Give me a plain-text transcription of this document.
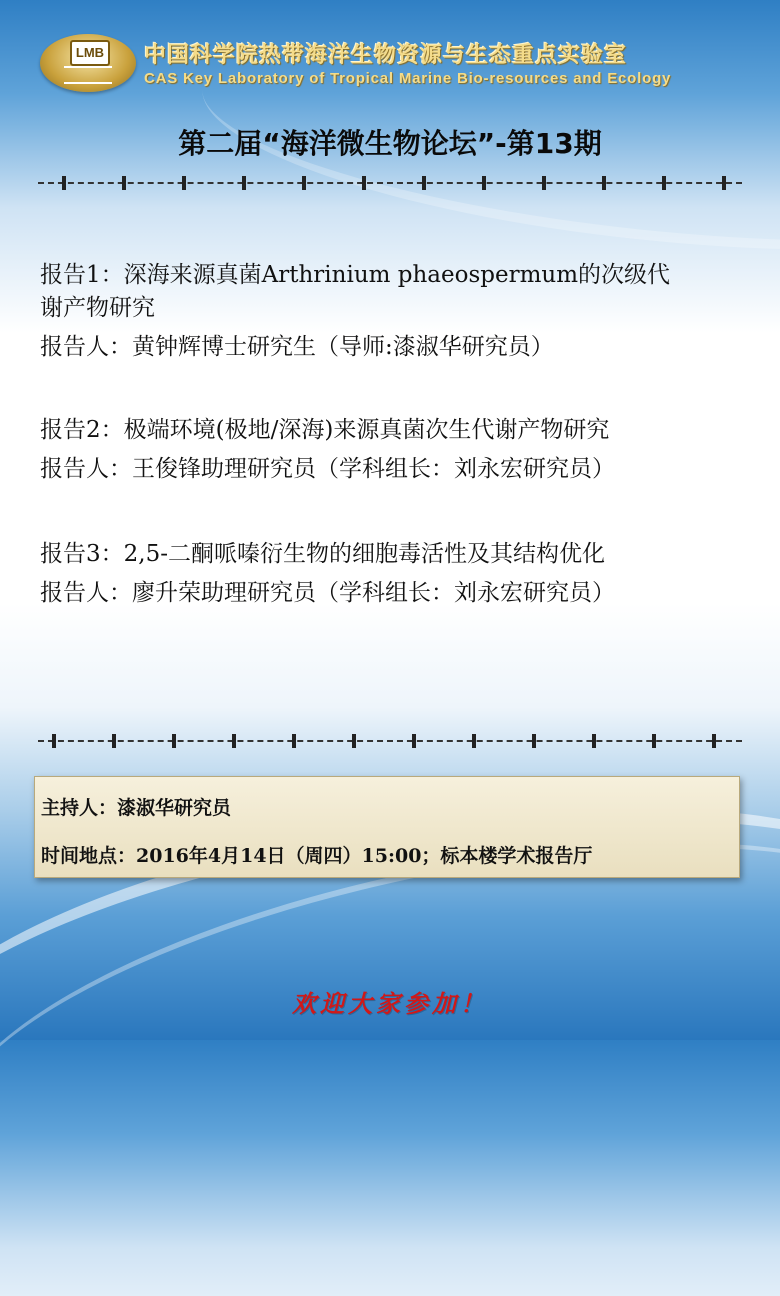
LMB 中国科学院热带海洋生物资源与生态重点实验室
CAS Key Laboratory of Tropical Marine Bio-resources and Ecology
第二届“海洋微生物论坛”-第13期

报告1：深海来源真菌Arthrinium phaeospermum的次级代

谢产物研究

报告人：黄钟辉博士研究生（导师:漆淑华研究员）

报告2：极端环境(极地/深海)来源真菌次生代谢产物研究

报告人：王俊锋助理研究员（学科组长：刘永宏研究员）

报告3：2,5-二酮哌嗪衍生物的细胞毒活性及其结构优化

报告人：廖升荣助理研究员（学科组长：刘永宏研究员）

主持人：漆淑华研究员
时间地点：2016年4月14日（周四）15:00；标本楼学术报告厅
欢迎大家参加！
